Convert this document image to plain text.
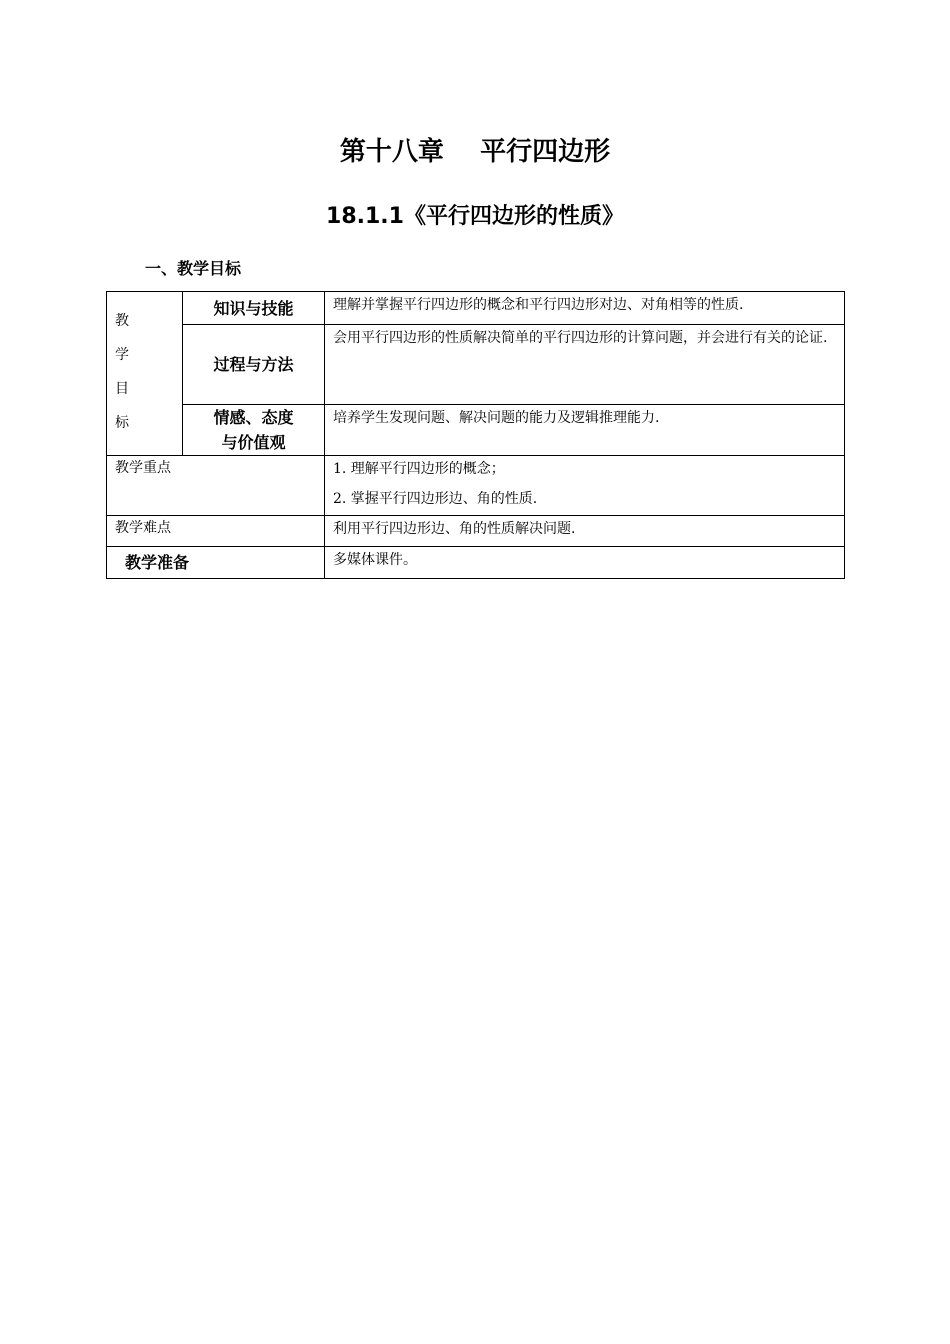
第十八章    平行四边形
18.1.1《平行四边形的性质》
一、教学目标
教
学
目
标	知识与技能	理解并掌握平行四边形的概念和平行四边形对边、对角相等的性质.
	过程与方法	会用平行四边形的性质解决简单的平行四边形的计算问题，并会进行有关的论证.

	情感、态度
与价值观	培养学生发现问题、解决问题的能力及逻辑推理能力.
教学重点		1. 理解平行四边形的概念；
2. 掌握平行四边形边、角的性质.

教学难点		利用平行四边形边、角的性质解决问题.
教学准备		多媒体课件。
